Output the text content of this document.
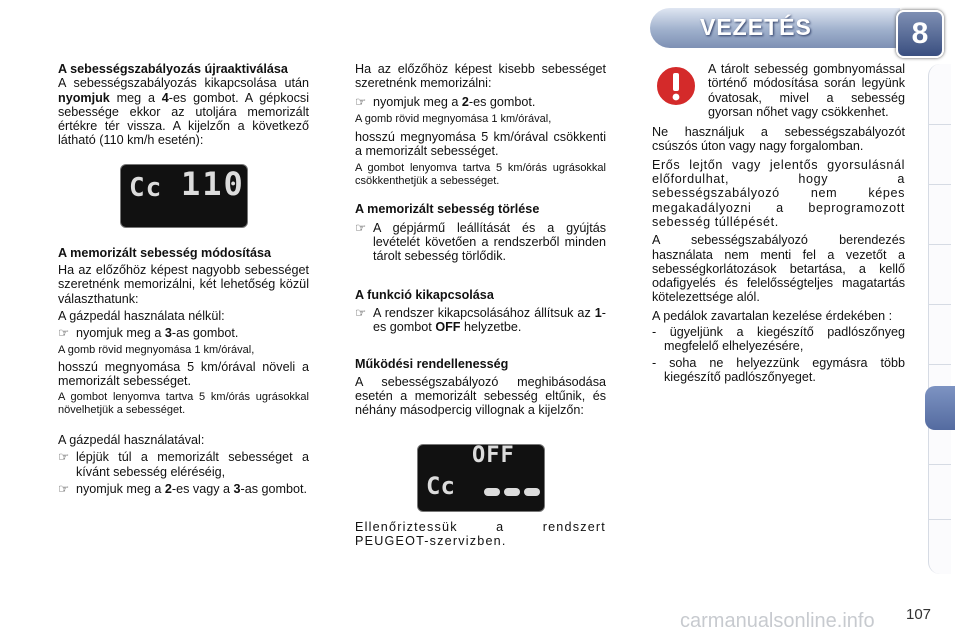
VEZETÉS	8

A sebességszabályozás újraaktiválása

A sebességszabályozás kikapcsolása után nyomjuk meg a 4-es gombot. A gépkocsi sebessége ekkor az utoljára memorizált értékre tér vissza. A kijelzőn a következő látható (110 km/h esetén):

Cc 110

A memorizált sebesség módosítása

Ha az előzőhöz képest nagyobb sebességet szeretnénk memorizálni, két lehetőség közül választhatunk:

A gázpedál használata nélkül:

☞ nyomjuk meg a 3-as gombot.

A gomb rövid megnyomása 1 km/órával,

hosszú megnyomása 5 km/órával növeli a memorizált sebességet.

A gombot lenyomva tartva 5 km/órás ugrásokkal növelhetjük a sebességet.

A gázpedál használatával:

☞ lépjük túl a memorizált sebességet a kívánt sebesség eléréséig,

☞ nyomjuk meg a 2-es vagy a 3-as gombot.

Ha az előzőhöz képest kisebb sebességet szeretnénk memorizálni:

☞ nyomjuk meg a 2-es gombot.

A gomb rövid megnyomása 1 km/órával,

hosszú megnyomása 5 km/órával csökkenti a memorizált sebességet.

A gombot lenyomva tartva 5 km/órás ugrásokkal csökkenthetjük a sebességet.

A memorizált sebesség törlése

☞ A gépjármű leállítását és a gyújtás levételét követően a rendszerből minden tárolt sebesség törlődik.

A funkció kikapcsolása

☞ A rendszer kikapcsolásához állítsuk az 1-es gombot OFF helyzetbe.

Működési rendellenesség

A sebességszabályozó meghibásodása esetén a memorizált sebesség eltűnik, és néhány másodpercig villognak a kijelzőn:

OFF
Cc

Ellenőriztessük a rendszert PEUGEOT-szervizben.

A tárolt sebesség gombnyomással történő módosítása során legyünk óvatosak, mivel a sebesség gyorsan nőhet vagy csökkenhet.

Ne használjuk a sebességszabályozót csúszós úton vagy nagy forgalomban.

Erős lejtőn vagy jelentős gyorsulásnál előfordulhat, hogy a sebességszabályozó nem képes megakadályozni a beprogramozott sebesség túllépését.

A sebességszabályozó berendezés használata nem menti fel a vezetőt a sebességkorlátozások betartása, a kellő odafigyelés és felelősségteljes magatartás kötelezettsége alól.

A pedálok zavartalan kezelése érdekében :

- ügyeljünk a kiegészítő padlószőnyeg megfelelő elhelyezésére,

- soha ne helyezzünk egymásra több kiegészítő padlószőnyeget.

carmanualsonline.info 107
